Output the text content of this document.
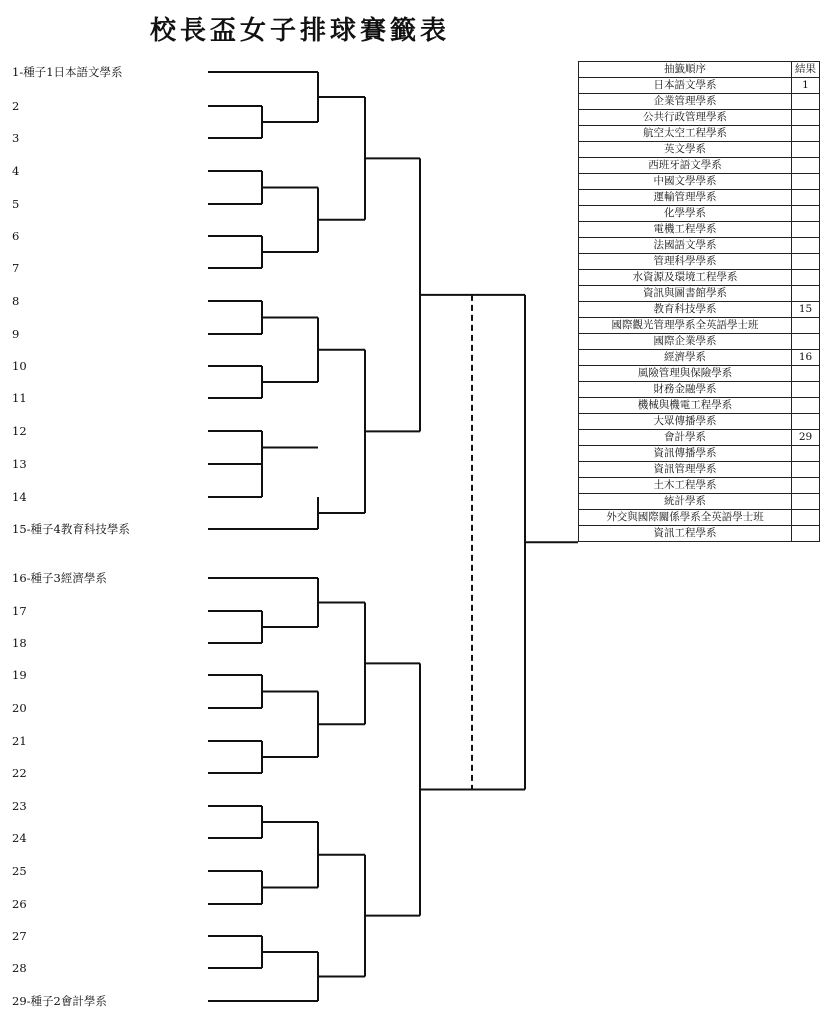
校長盃女子排球賽籤表
1-種子1日本語文學系
2
3
4
5
6
7
8
9
10
11
12
13
14
15-種子4教育科技學系
16-種子3經濟學系
17
18
19
20
21
22
23
24
25
26
27
28
29-種子2會計學系
抽籤順序	結果
日本語文學系	1
企業管理學系	
公共行政管理學系	
航空太空工程學系	
英文學系	
西班牙語文學系	
中國文學學系	
運輸管理學系	
化學學系	
電機工程學系	
法國語文學系	
管理科學學系	
水資源及環境工程學系	
資訊與圖書館學系	
教育科技學系	15
國際觀光管理學系全英語學士班	
國際企業學系	
經濟學系	16
風險管理與保險學系	
財務金融學系	
機械與機電工程學系	
大眾傳播學系	
會計學系	29
資訊傳播學系	
資訊管理學系	
土木工程學系	
統計學系	
外交與國際關係學系全英語學士班	
資訊工程學系	
